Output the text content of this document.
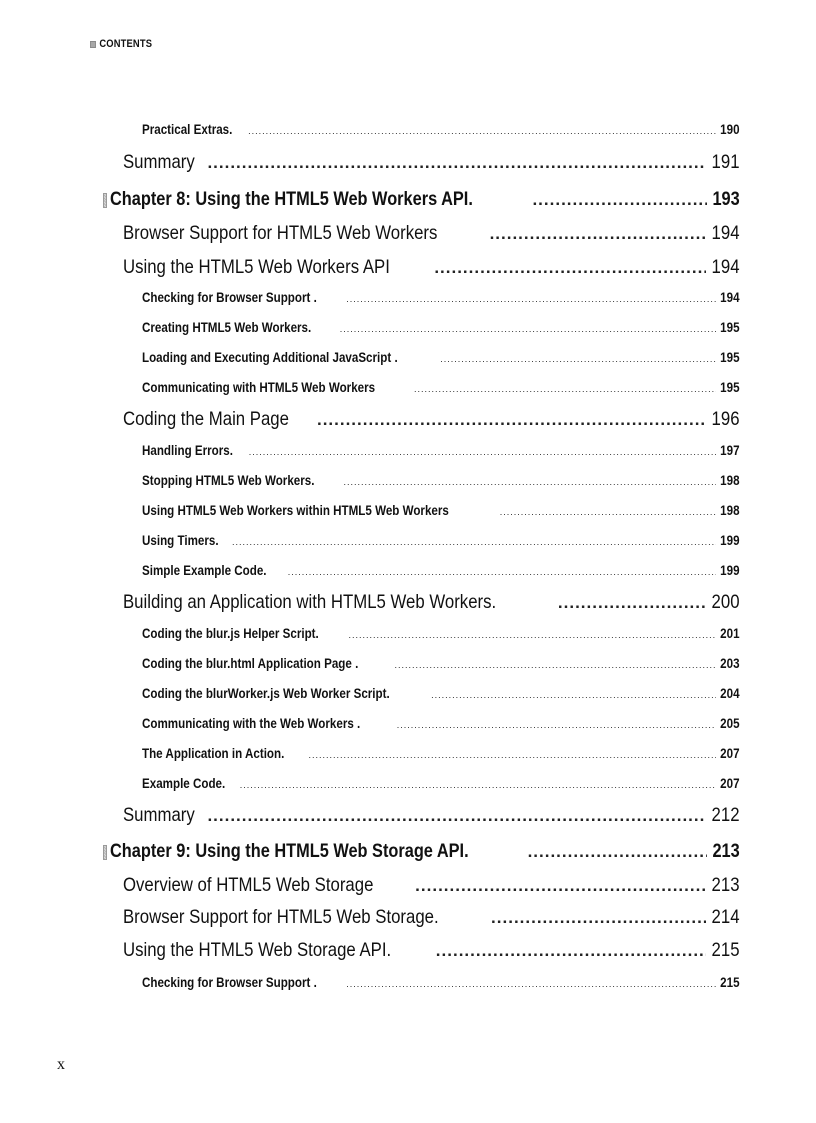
CONTENTS
Practical Extras. .....	190
Summary .....	191
Chapter 8: Using the HTML5 Web Workers API. .....	193
Browser Support for HTML5 Web Workers .....	194
Using the HTML5 Web Workers API .....	194
Checking for Browser Support . .....	194
Creating HTML5 Web Workers. .....	195
Loading and Executing Additional JavaScript . .....	195
Communicating with HTML5 Web Workers .....	195
Coding the Main Page .....	196
Handling Errors. .....	197
Stopping HTML5 Web Workers. .....	198
Using HTML5 Web Workers within HTML5 Web Workers .....	198
Using Timers. .....	199
Simple Example Code. .....	199
Building an Application with HTML5 Web Workers. .....	200
Coding the blur.js Helper Script. .....	201
Coding the blur.html Application Page . .....	203
Coding the blurWorker.js Web Worker Script. .....	204
Communicating with the Web Workers . .....	205
The Application in Action. .....	207
Example Code. .....	207
Summary .....	212
Chapter 9: Using the HTML5 Web Storage API. .....	213
Overview of HTML5 Web Storage .....	213
Browser Support for HTML5 Web Storage. .....	214
Using the HTML5 Web Storage API. .....	215
Checking for Browser Support . .....	215
x
